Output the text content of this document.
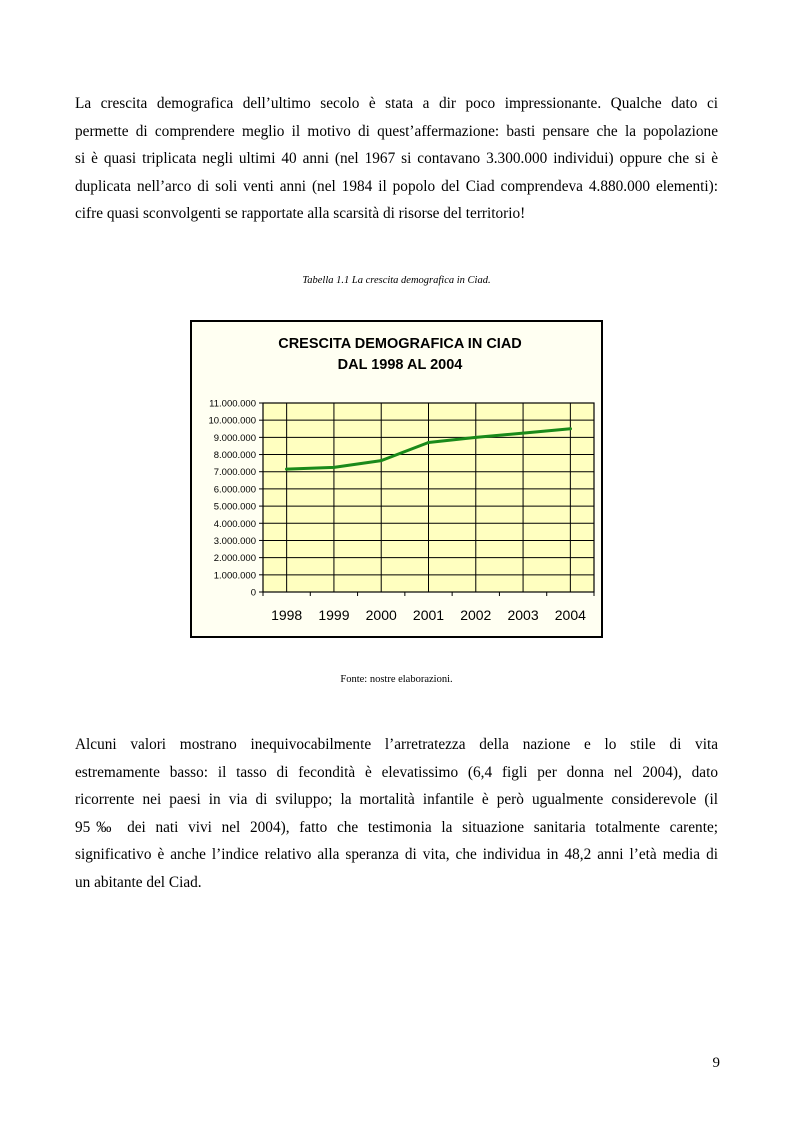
La crescita demografica dell’ultimo secolo è stata a dir poco impressionante. Qualche dato ci
permette di comprendere meglio il motivo di quest’affermazione: basti pensare che la popolazione
si è quasi triplicata negli ultimi 40 anni (nel 1967 si contavano 3.300.000 individui) oppure che si è
duplicata nell’arco di soli venti anni (nel 1984 il popolo del Ciad comprendeva 4.880.000 elementi):
cifre quasi sconvolgenti se rapportate alla scarsità di risorse del territorio!
Tabella 1.1 La crescita demografica in Ciad.
CRESCITA DEMOGRAFICA IN CIAD
DAL 1998 AL 2004
0
1.000.000
2.000.000
3.000.000
4.000.000
5.000.000
6.000.000
7.000.000
8.000.000
9.000.000
10.000.000
11.000.000
1998 1999 2000 2001 2002 2003 2004
Fonte: nostre elaborazioni.
Alcuni valori mostrano inequivocabilmente l’arretratezza della nazione e lo stile di vita
estremamente basso: il tasso di fecondità è elevatissimo (6,4 figli per donna nel 2004), dato
ricorrente nei paesi in via di sviluppo; la mortalità infantile è però ugualmente considerevole (il
95‰ dei nati vivi nel 2004), fatto che testimonia la situazione sanitaria totalmente carente;
significativo è anche l’indice relativo alla speranza di vita, che individua in 48,2 anni l’età media di
un abitante del Ciad.
9
